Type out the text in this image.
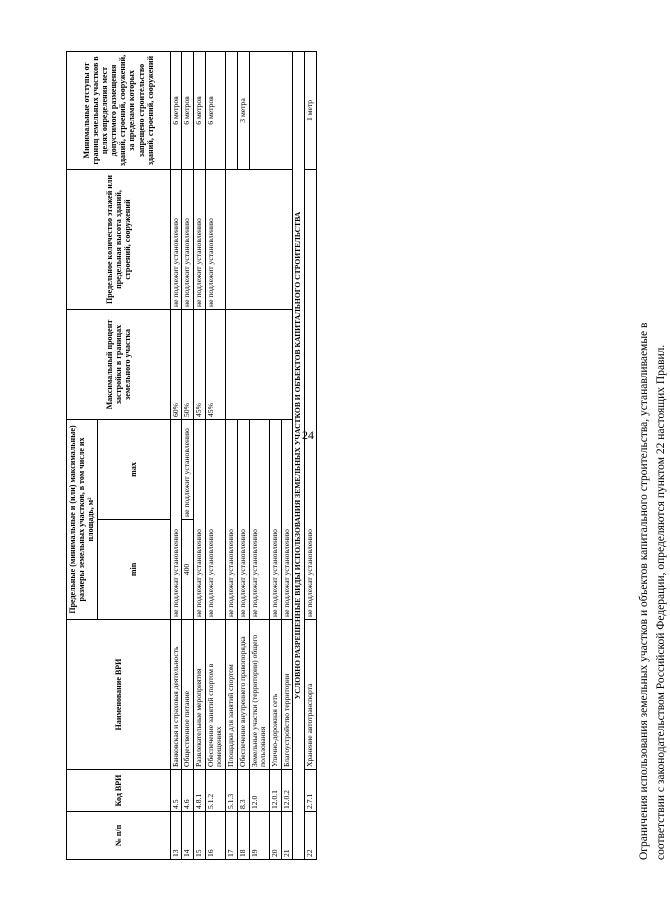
24
№ п/п	Код ВРИ	Наименование ВРИ	Предельные (минимальные и (или) максимальные) размеры земельных участков, в том числе их площадь, м²		Максимальный процент застройки в границах земельного участка	Предельное количество этажей или предельная высота зданий, строений, сооружений	Минимальные отступы от границ земельных участков в целях определения мест допустимого размещения зданий, строений, сооружений, за пределами которых запрещено строительство зданий, строений, сооружений
			min	max			
13	4.5	Банковская и страховая деятельность	не подлежат установлению		60%	не подлежит установлению	6 метров
14	4.6	Общественное питание	400	не подлежит установлению	50%	не подлежит установлению	6 метров
15	4.8.1	Развлекательные мероприятия	не подлежат установлению		45%	не подлежит установлению	6 метров
16	5.1.2	Обеспечение занятий спортом в помещениях	не подлежат установлению		45%	не подлежит установлению	6 метров
17	5.1.3	Площадки для занятий спортом	не подлежат установлению				
18	8.3	Обеспечение внутреннего правопорядка	не подлежат установлению				3 метра
19	12.0	Земельные участки (территории) общего пользования	не подлежат установлению				
20	12.0.1	Улично-дорожная сеть	не подлежат установлению				
21	12.0.2	Благоустройство территории	не подлежат установлению				
УСЛОВНО РАЗРЕШЕННЫЕ ВИДЫ ИСПОЛЬЗОВАНИЯ ЗЕМЕЛЬНЫХ УЧАСТКОВ И ОБЪЕКТОВ КАПИТАЛЬНОГО СТРОИТЕЛЬСТВА							
22	2.7.1	Хранение автотранспорта	не подлежат установлению				1 метр
Ограничения использования земельных участков и объектов капитального строительства, устанавливаемые в соответствии с законодательством Российской Федерации, определяются пунктом 22 настоящих Правил.
